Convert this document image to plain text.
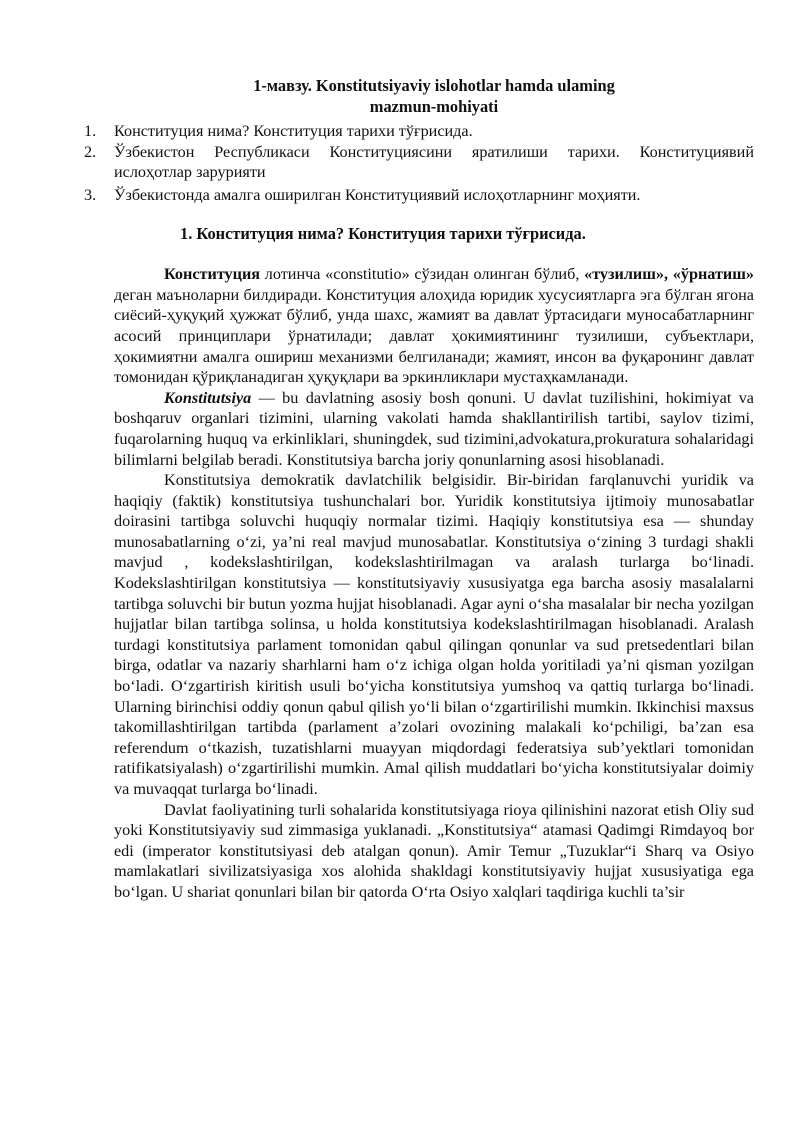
1-мавзу. Konstitutsiyaviy islohotlar hamda ulaming
mazmun-mohiyati
1. Конституция нима? Конституция тарихи тўғрисида.
2. Ўзбекистон Республикаси Конституциясини яратилиши тарихи. Конституциявий ислоҳотлар зарурияти
3. Ўзбекистонда амалга оширилган Конституциявий ислоҳотларнинг моҳияти.
1. Конституция нима? Конституция тарихи тўғрисида.

Конституция лотинча «constitutio» сўзидан олинган бўлиб, «тузилиш», «ўрнатиш» деган маъноларни билдиради. Конституция алоҳида юридик хусусиятларга эга бўлган ягона сиёсий-ҳуқуқий ҳужжат бўлиб, унда шахс, жамият ва давлат ўртасидаги муносабатларнинг асосий принциплари ўрнатилади; давлат ҳокимиятининг тузилиши, субъектлари, ҳокимиятни амалга ошириш механизми белгиланади; жамият, инсон ва фуқаронинг давлат томонидан қўриқланадиган ҳуқуқлари ва эркинликлари мустаҳкамланади.

Konstitutsiya — bu davlatning asosiy bosh qonuni. U davlat tuzilishini, hokimiyat va boshqaruv organlari tizimini, ularning vakolati hamda shakllantirilish tartibi, saylov tizimi, fuqarolarning huquq va erkinliklari, shuningdek, sud tizimini,advokatura,prokuratura sohalaridagi bilimlarni belgilab beradi. Konstitutsiya barcha joriy qonunlarning asosi hisoblanadi.

Konstitutsiya demokratik davlatchilik belgisidir. Bir-biridan farqlanuvchi yuridik va haqiqiy (faktik) konstitutsiya tushunchalari bor. Yuridik konstitutsiya ijtimoiy munosabatlar doirasini tartibga soluvchi huquqiy normalar tizimi. Haqiqiy konstitutsiya esa — shunday munosabatlarning o‘zi, ya’ni real mavjud munosabatlar. Konstitutsiya o‘zining 3 turdagi shakli mavjud , kodekslashtirilgan, kodekslashtirilmagan va aralash turlarga bo‘linadi. Kodekslashtirilgan konstitutsiya — konstitutsiyaviy xususiyatga ega barcha asosiy masalalarni tartibga soluvchi bir butun yozma hujjat hisoblanadi. Agar ayni o‘sha masalalar bir necha yozilgan hujjatlar bilan tartibga solinsa, u holda konstitutsiya kodekslashtirilmagan hisoblanadi. Aralash turdagi konstitutsiya parlament tomonidan qabul qilingan qonunlar va sud pretsedentlari bilan birga, odatlar va nazariy sharhlarni ham o‘z ichiga olgan holda yoritiladi ya’ni qisman yozilgan bo‘ladi. O‘zgartirish kiritish usuli bo‘yicha konstitutsiya yumshoq va qattiq turlarga bo‘linadi. Ularning birinchisi oddiy qonun qabul qilish yo‘li bilan o‘zgartirilishi mumkin. Ikkinchisi maxsus takomillashtirilgan tartibda (parlament a’zolari ovozining malakali ko‘pchiligi, ba’zan esa referendum o‘tkazish, tuzatishlarni muayyan miqdordagi federatsiya sub’yektlari tomonidan ratifikatsiyalash) o‘zgartirilishi mumkin. Amal qilish muddatlari bo‘yicha konstitutsiyalar doimiy va muvaqqat turlarga bo‘linadi.

Davlat faoliyatining turli sohalarida konstitutsiyaga rioya qilinishini nazorat etish Oliy sud yoki Konstitutsiyaviy sud zimmasiga yuklanadi. „Konstitutsiya“ atamasi Qadimgi Rimdayoq bor edi (imperator konstitutsiyasi deb atalgan qonun). Amir Temur „Tuzuklar“i Sharq va Osiyo mamlakatlari sivilizatsiyasiga xos alohida shakldagi konstitutsiyaviy hujjat xususiyatiga ega bo‘lgan. U shariat qonunlari bilan bir qatorda O‘rta Osiyo xalqlari taqdiriga kuchli ta’sir
